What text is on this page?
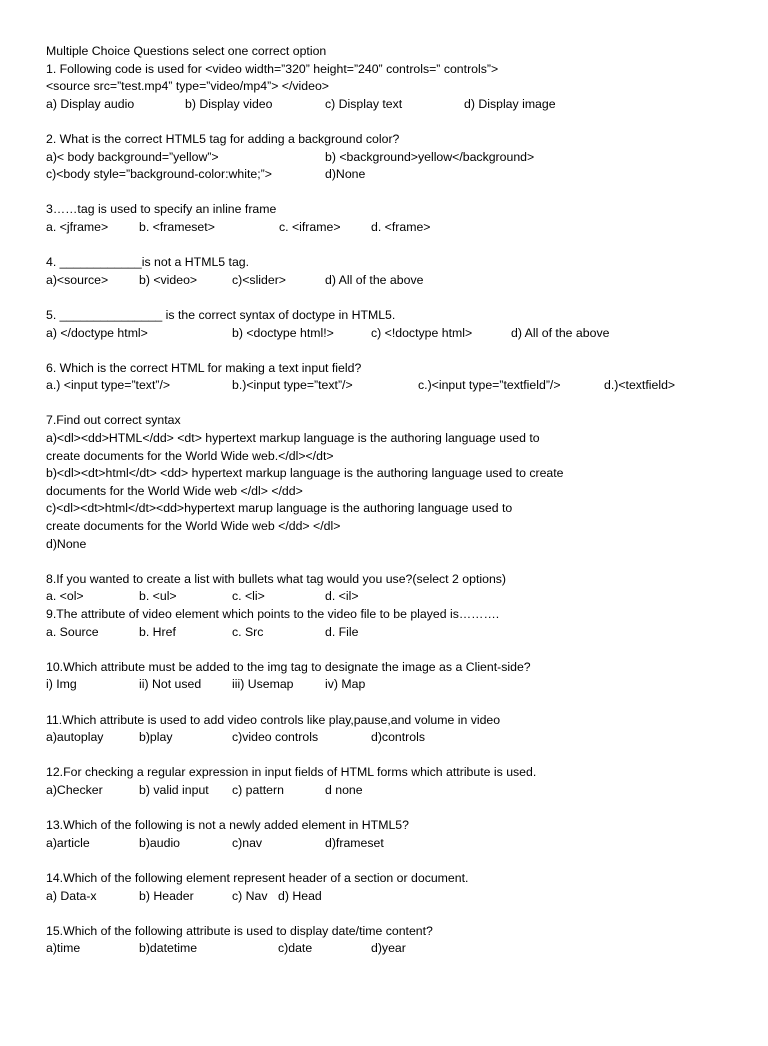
Multiple Choice Questions select one correct option
1. Following code is used for <video width=”320” height=”240” controls=” controls”>
<source src=”test.mp4” type=”video/mp4”> </video>

a) Display audio

	b) Display video

	c) Display text

	d) Display image

2. What is the correct HTML5 tag for adding a background color?

a)< body background=”yellow”>

	b) <background>yellow</background>

c)<body style=”background-color:white;”>

	d)None

3……tag is used to specify an inline frame

a. <jframe>

	b. <frameset>

	c. <iframe>

d. <frame>

4. ____________is not a HTML5 tag.

a)<source>

	b) <video>

	c)<slider>

	d) All of the above

5. _______________ is the correct syntax of doctype in HTML5.

a) </doctype html>

	b) <doctype html!>

	c) <!doctype html>

	d) All of the above

6. Which is the correct HTML for making a text input field?

a.) <input type=”text”/>

	b.)<input type=”text”/>

	c.)<input type=”textfield”/>

	d.)<textfield>

7.Find out correct syntax
a)<dl><dd>HTML</dd> <dt> hypertext markup language is the authoring language used to
create documents for the World Wide web.</dl></dt>
b)<dl><dt>html</dt> <dd> hypertext markup language is the authoring language used to create
documents for the World Wide web </dl> </dd>
c)<dl><dt>html</dt><dd>hypertext marup language is the authoring language used to
create documents for the World Wide web </dd> </dl>
d)None
8.If you wanted to create a list with bullets what tag would you use?(select 2 options)

a. <ol>

	b. <ul>

	c. <li>

	d. <il>

9.The attribute of video element which points to the video file to be played is……….

a. Source

	b. Href

	c. Src

	d. File

10.Which attribute must be added to the img tag to designate the image as a Client-side?

i) Img

	ii) Not used

	iii) Usemap

	iv) Map

11.Which attribute is used to add video controls like play,pause,and volume in video

a)autoplay

	b)play

	c)video controls

	d)controls

12.For checking a regular expression in input fields of HTML forms which attribute is used.

a)Checker

	b) valid input

c) pattern

	d none

13.Which of the following is not a newly added element in HTML5?

a)article

	b)audio

	c)nav

	d)frameset

14.Which of the following element represent header of a section or document.

a) Data-x

	b) Header

	c) Nav

d) Head

15.Which of the following attribute is used to display date/time content?

a)time

	b)datetime

	c)date

	d)year
